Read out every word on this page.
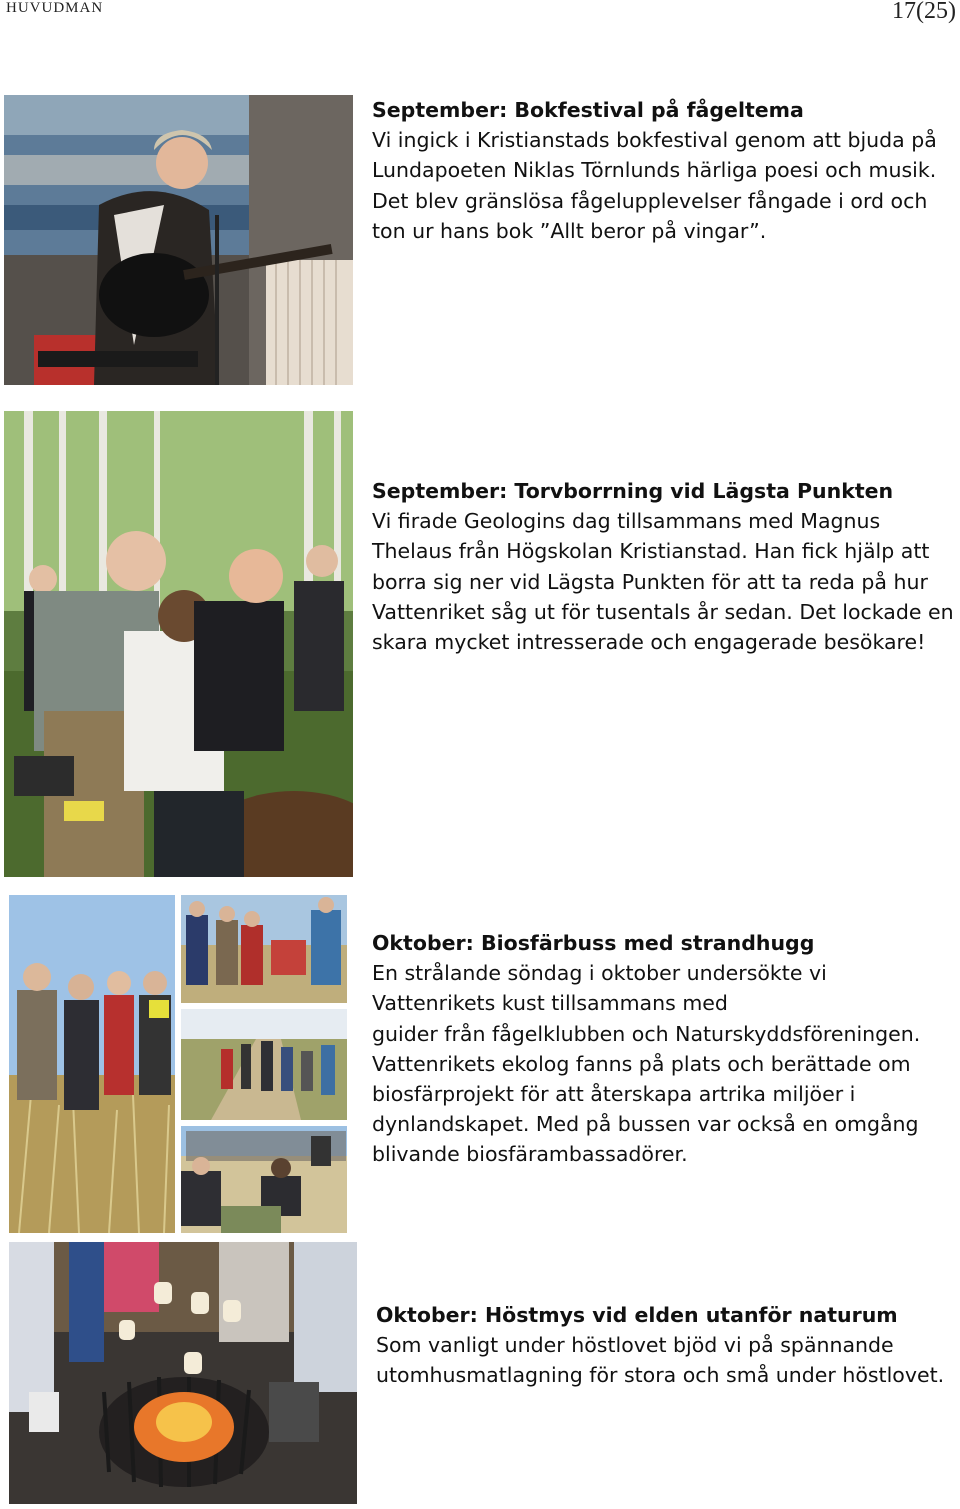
HUVUDMAN	17(25)
September: Bokfestival på fågeltema
Vi ingick i Kristianstads bokfestival genom att bjuda på
Lundapoeten Niklas Törnlunds härliga poesi och musik.
Det blev gränslösa fågelupplevelser fångade i ord och
ton ur hans bok ”Allt beror på vingar”.
September: Torvborrning vid Lägsta Punkten
Vi firade Geologins dag tillsammans med Magnus
Thelaus från Högskolan Kristianstad. Han fick hjälp att
borra sig ner vid Lägsta Punkten för att ta reda på hur
Vattenriket såg ut för tusentals år sedan. Det lockade en
skara mycket intresserade och engagerade besökare!
Oktober: Biosfärbuss med strandhugg
En strålande söndag i oktober undersökte vi
Vattenrikets kust tillsammans med
guider från fågelklubben och Naturskyddsföreningen.
Vattenrikets ekolog fanns på plats och berättade om
biosfärprojekt för att återskapa artrika miljöer i
dynlandskapet. Med på bussen var också en omgång
blivande biosfärambassadörer.
Oktober: Höstmys vid elden utanför naturum
Som vanligt under höstlovet bjöd vi på spännande
utomhusmatlagning för stora och små under höstlovet.
